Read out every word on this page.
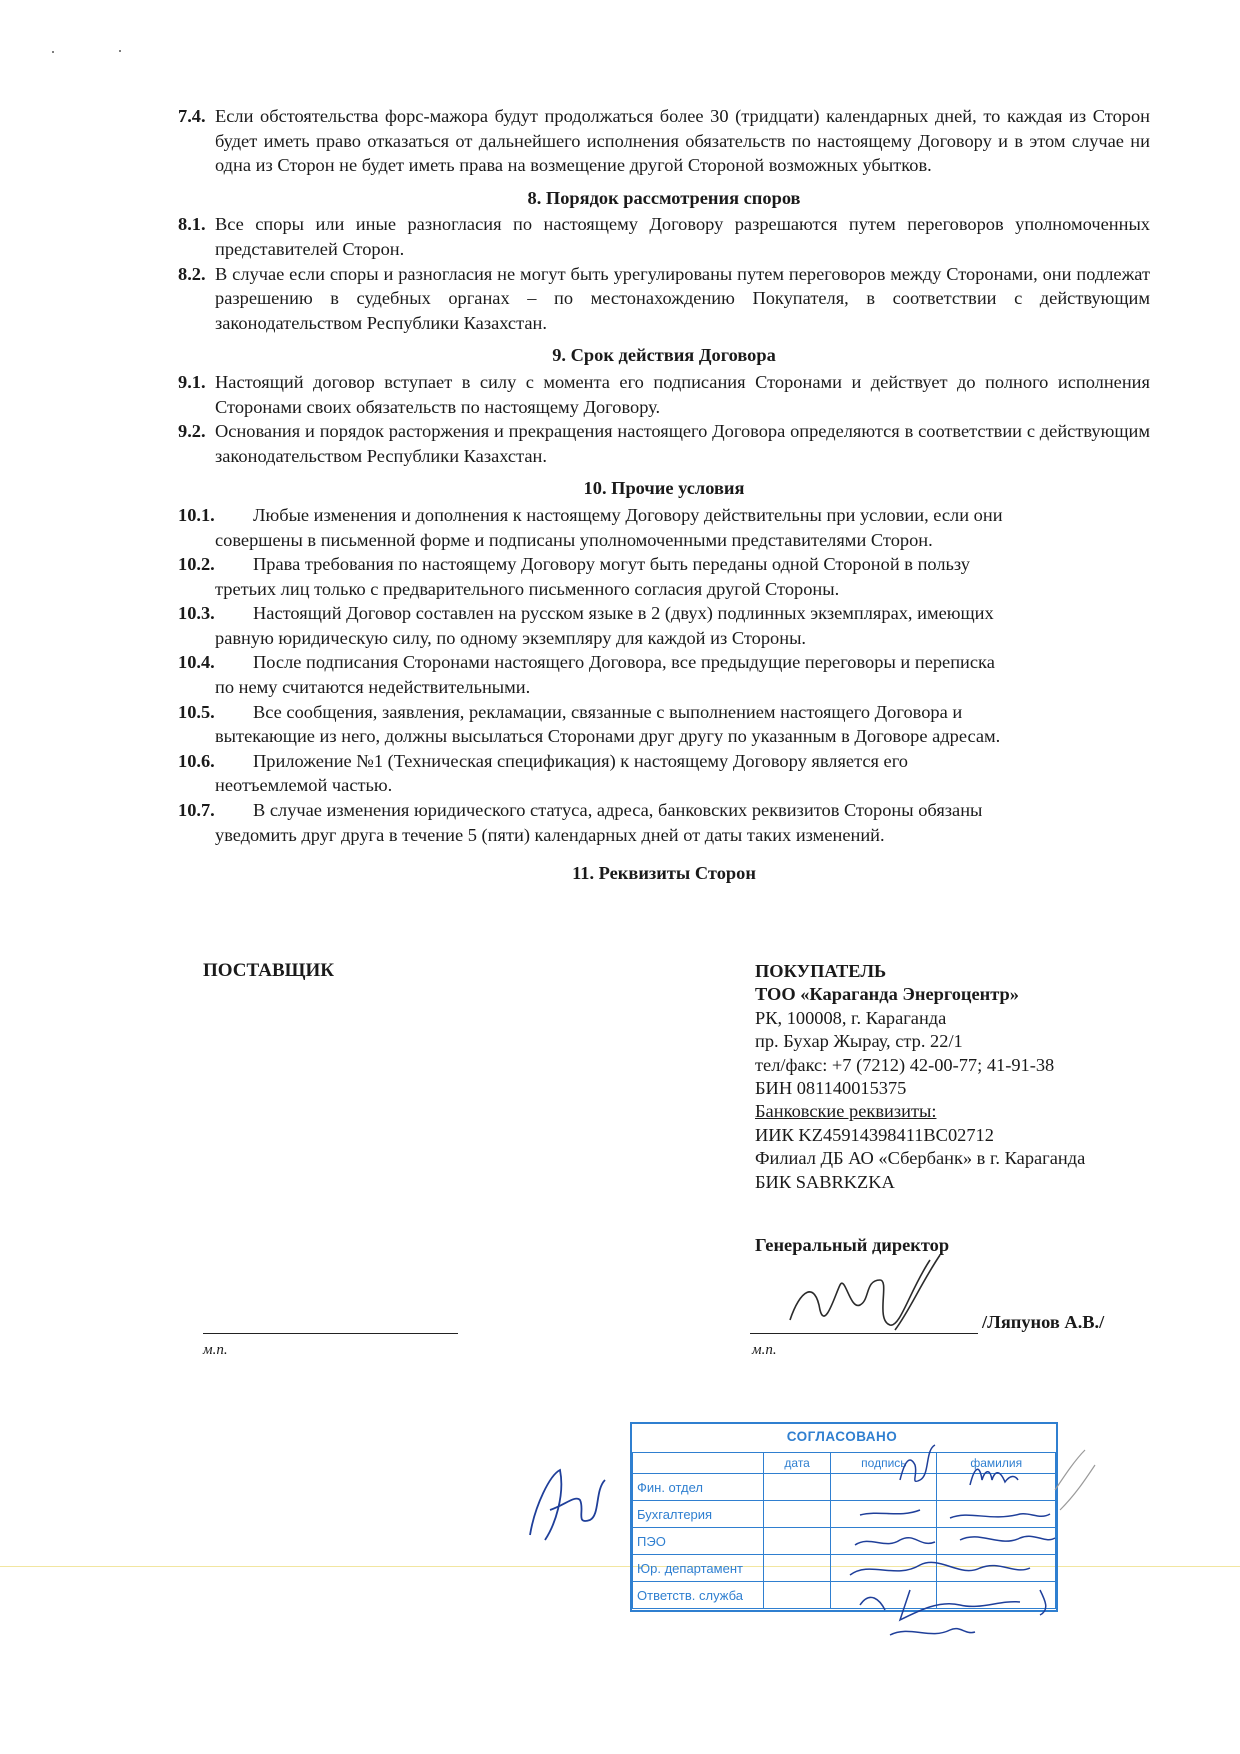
7.4. Если обстоятельства форс-мажора будут продолжаться более 30 (тридцати) календарных дней, то каждая из Сторон будет иметь право отказаться от дальнейшего исполнения обязательств по настоящему Договору и в этом случае ни одна из Сторон не будет иметь права на возмещение другой Стороной возможных убытков.
8. Порядок рассмотрения споров
8.1. Все споры или иные разногласия по настоящему Договору разрешаются путем переговоров уполномоченных представителей Сторон.
8.2. В случае если споры и разногласия не могут быть урегулированы путем переговоров между Сторонами, они подлежат разрешению в судебных органах – по местонахождению Покупателя, в соответствии с действующим законодательством Республики Казахстан.
9. Срок действия Договора
9.1. Настоящий договор вступает в силу с момента его подписания Сторонами и действует до полного исполнения Сторонами своих обязательств по настоящему Договору.
9.2. Основания и порядок расторжения и прекращения настоящего Договора определяются в соответствии с действующим законодательством Республики Казахстан.
10. Прочие условия
10.1.	Любые изменения и дополнения к настоящему Договору действительны при условии, если они
совершены в письменной форме и подписаны уполномоченными представителями Сторон.
10.2.	Права требования по настоящему Договору могут быть переданы одной Стороной в пользу
третьих лиц только с предварительного письменного согласия другой Стороны.
10.3.	Настоящий Договор составлен на русском языке в 2 (двух) подлинных экземплярах, имеющих
равную юридическую силу, по одному экземпляру для каждой из Стороны.
10.4.	После подписания Сторонами настоящего Договора, все предыдущие переговоры и переписка
по нему считаются недействительными.
10.5.	Все сообщения, заявления, рекламации, связанные с выполнением настоящего Договора и
вытекающие из него, должны высылаться Сторонами друг другу по указанным в Договоре адресам.
10.6.	Приложение №1 (Техническая спецификация) к настоящему Договору является его
неотъемлемой частью.
10.7.	В случае изменения юридического статуса, адреса, банковских реквизитов Стороны обязаны
уведомить друг друга в течение 5 (пяти) календарных дней от даты таких изменений.
11. Реквизиты Сторон
ПОСТАВЩИК	ПОКУПАТЕЛЬ
ТОО «Караганда Энергоцентр»
РК, 100008, г. Караганда
пр. Бухар Жырау, стр. 22/1
тел/факс: +7 (7212) 42-00-77; 41-91-38
БИН 081140015375
Банковские реквизиты:
ИИК KZ45914398411BC02712
Филиал ДБ АО «Сбербанк» в г. Караганда
БИК SABRKZKA
Генеральный директор
м.п.
/Ляпунов А.В./
м.п.
СОГЛАСОВАНО
	дата	подпись	фамилия
Фин. отдел			
Бухгалтерия			
ПЭО			
Юр. департамент			
Ответств. служба			
